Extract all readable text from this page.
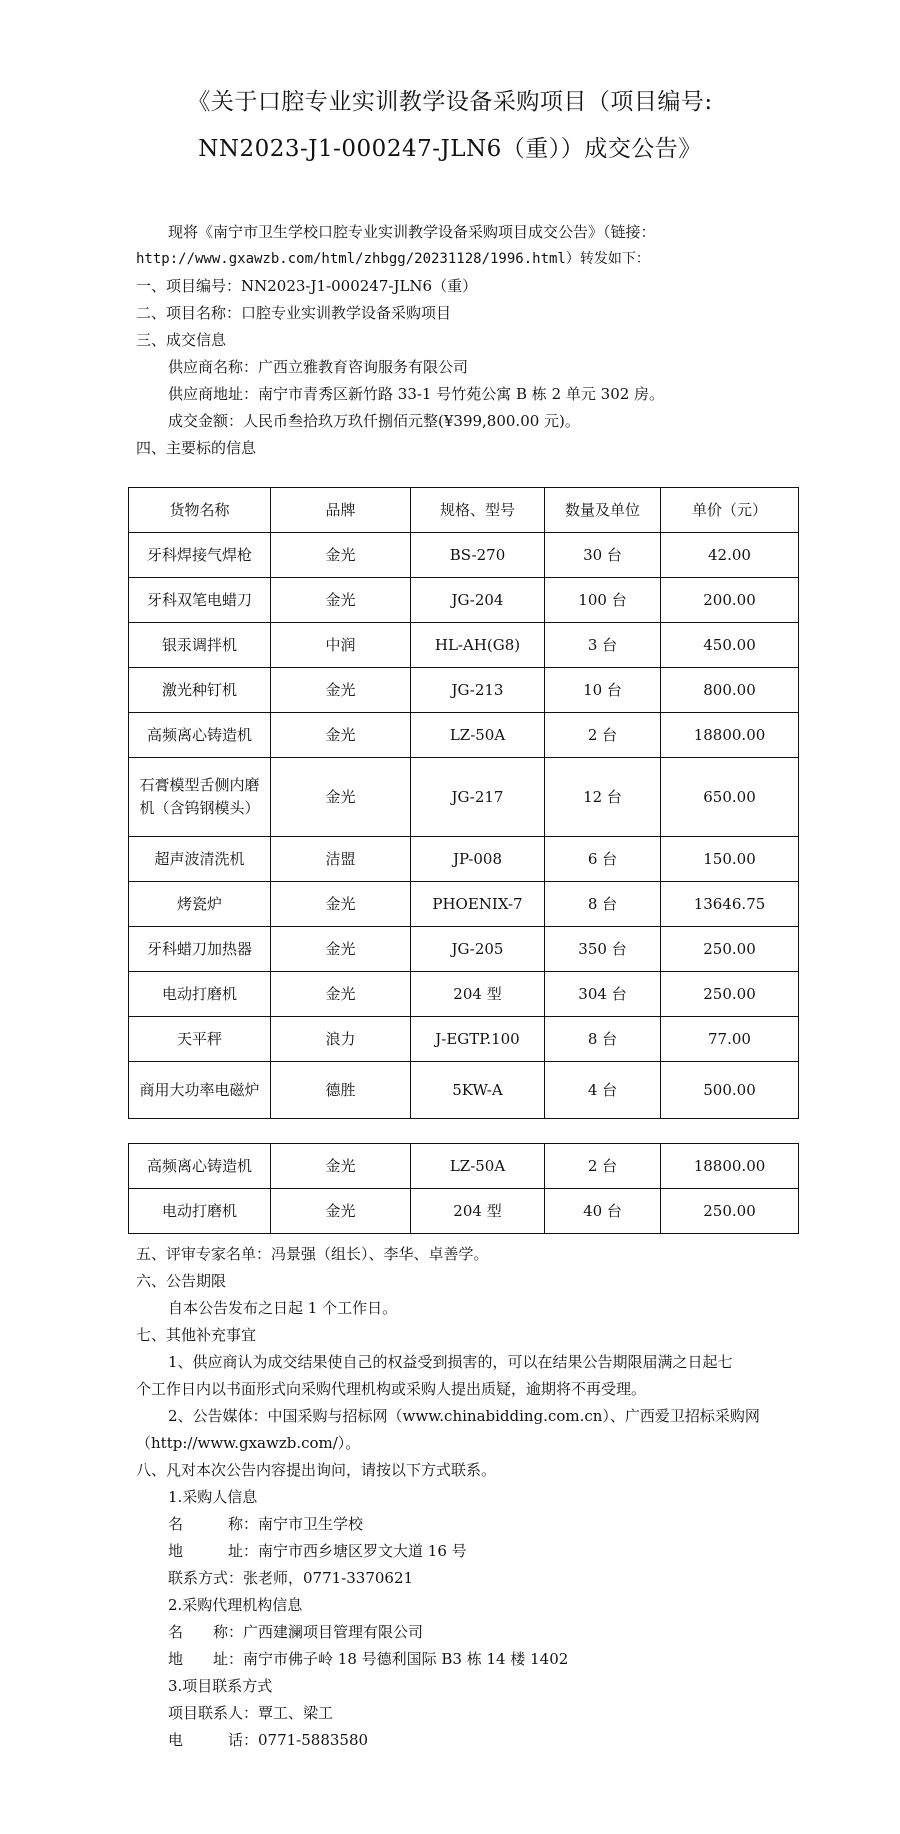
《关于口腔专业实训教学设备采购项目（项目编号:
NN2023-J1-000247-JLN6（重））成交公告》
现将《南宁市卫生学校口腔专业实训教学设备采购项目成交公告》（链接：
http://www.gxawzb.com/html/zhbgg/20231128/1996.html）转发如下：
一、项目编号：NN2023-J1-000247-JLN6（重）
二、项目名称：口腔专业实训教学设备采购项目
三、成交信息
供应商名称：广西立雅教育咨询服务有限公司
供应商地址：南宁市青秀区新竹路 33-1 号竹苑公寓 B 栋 2 单元 302 房。
成交金额：人民币叁拾玖万玖仟捌佰元整(¥399,800.00 元)。
四、主要标的信息
货物名称	品牌	规格、型号	数量及单位	单价（元）
牙科焊接气焊枪	金光	BS-270	30 台	42.00
牙科双笔电蜡刀	金光	JG-204	100 台	200.00
银汞调拌机	中润	HL-AH(G8)	3 台	450.00
激光种钉机	金光	JG-213	10 台	800.00
高频离心铸造机	金光	LZ-50A	2 台	18800.00
石膏模型舌侧内磨机（含钨钢模头）	金光	JG-217	12 台	650.00
超声波清洗机	洁盟	JP-008	6 台	150.00
烤瓷炉	金光	PHOENIX-7	8 台	13646.75
牙科蜡刀加热器	金光	JG-205	350 台	250.00
电动打磨机	金光	204 型	304 台	250.00
天平秤	浪力	J-EGTP.100	8 台	77.00
商用大功率电磁炉	德胜	5KW-A	4 台	500.00
高频离心铸造机	金光	LZ-50A	2 台	18800.00
电动打磨机	金光	204 型	40 台	250.00
五、评审专家名单：冯景强（组长）、李华、卓善学。
六、公告期限
自本公告发布之日起 1 个工作日。
七、其他补充事宜
1、供应商认为成交结果使自己的权益受到损害的，可以在结果公告期限届满之日起七
个工作日内以书面形式向采购代理机构或采购人提出质疑，逾期将不再受理。
2、公告媒体：中国采购与招标网（www.chinabidding.com.cn）、广西爱卫招标采购网
（http://www.gxawzb.com/）。
八、凡对本次公告内容提出询问，请按以下方式联系。
1.采购人信息
名　　　称：南宁市卫生学校
地　　　址：南宁市西乡塘区罗文大道 16 号
联系方式：张老师，0771-3370621
2.采购代理机构信息
名　　称：广西建澜项目管理有限公司
地　　址：南宁市佛子岭 18 号德利国际 B3 栋 14 楼 1402
3.项目联系方式
项目联系人：覃工、梁工
电　　　话：0771-5883580
